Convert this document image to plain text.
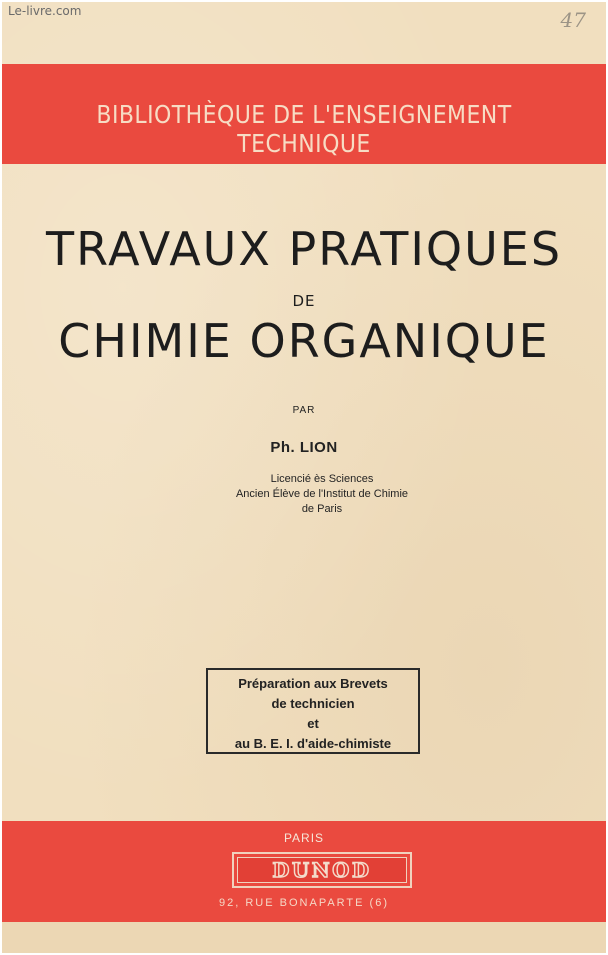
Le-livre.com	47
BIBLIOTHÈQUE DE L'ENSEIGNEMENT TECHNIQUE
TRAVAUX PRATIQUES
DE
CHIMIE ORGANIQUE
PAR
Ph. LION
Licencié ès Sciences
Ancien Élève de l'Institut de Chimie
de Paris
Préparation aux Brevets
de technicien
et
au B. E. I. d'aide-chimiste
PARIS
DUNOD
92, RUE BONAPARTE (6)
